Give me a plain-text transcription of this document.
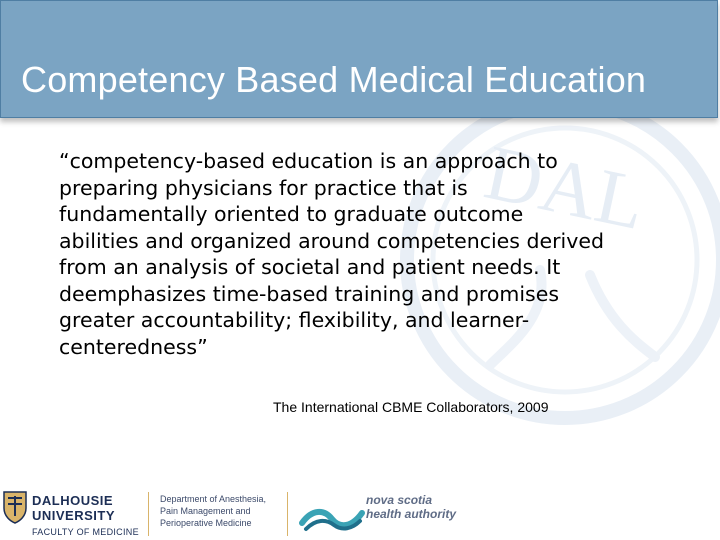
DAL
Competency Based Medical Education
“competency-based education is an approach to
preparing physicians for practice that is
fundamentally oriented to graduate outcome
abilities and organized around competencies derived
from an analysis of societal and patient needs. It
deemphasizes time-based training and promises
greater accountability; flexibility, and learner-
centeredness”
The International CBME Collaborators, 2009
DALHOUSIE
UNIVERSITY
FACULTY OF MEDICINE
Department of Anesthesia,
Pain Management and
Perioperative Medicine
nova scotia
health authority
